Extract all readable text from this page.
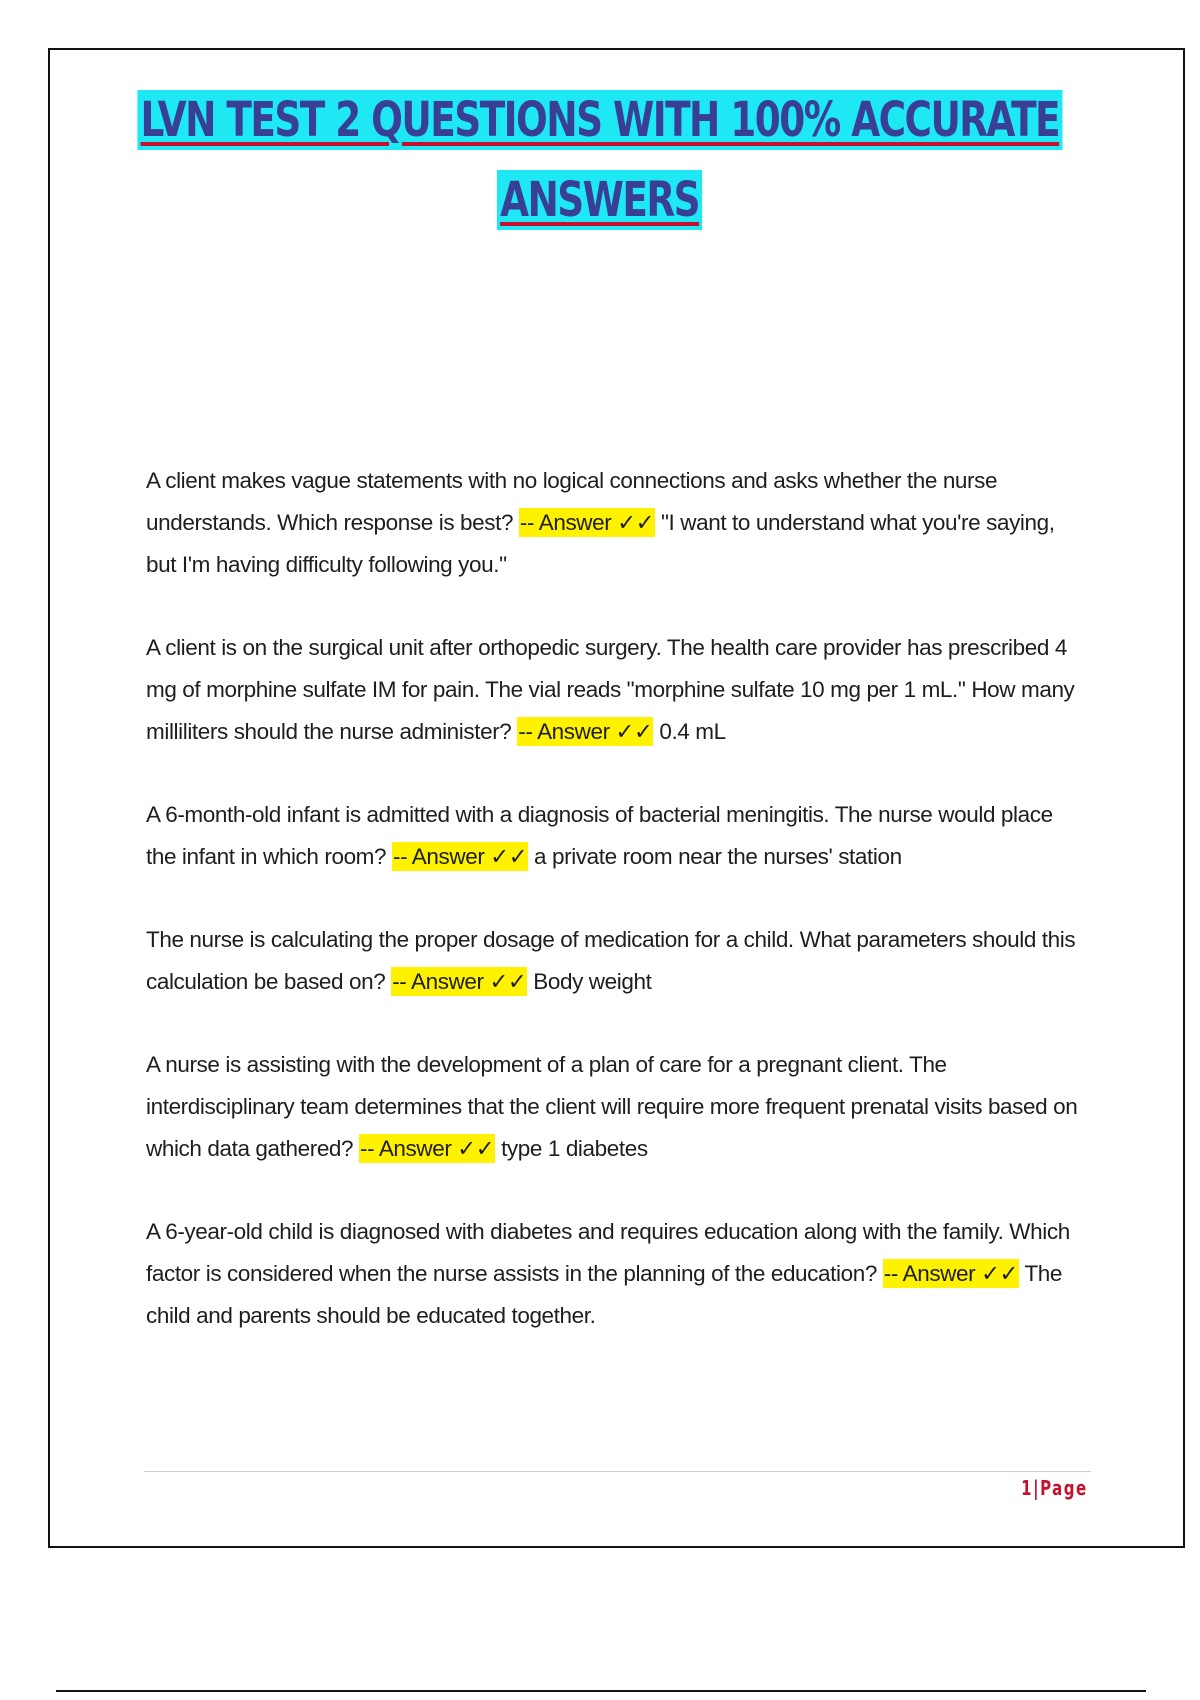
LVN TEST 2 QUESTIONS WITH 100% ACCURATE
ANSWERS

A client makes vague statements with no logical connections and asks whether the nurse understands. Which response is best? -- Answer ✓✓ "I want to understand what you're saying, but I'm having difficulty following you."

A client is on the surgical unit after orthopedic surgery. The health care provider has prescribed 4 mg of morphine sulfate IM for pain. The vial reads "morphine sulfate 10 mg per 1 mL." How many milliliters should the nurse administer? -- Answer ✓✓ 0.4 mL

A 6-month-old infant is admitted with a diagnosis of bacterial meningitis. The nurse would place the infant in which room? -- Answer ✓✓ a private room near the nurses' station

The nurse is calculating the proper dosage of medication for a child. What parameters should this calculation be based on? -- Answer ✓✓ Body weight

A nurse is assisting with the development of a plan of care for a pregnant client. The interdisciplinary team determines that the client will require more frequent prenatal visits based on which data gathered? -- Answer ✓✓ type 1 diabetes

A 6-year-old child is diagnosed with diabetes and requires education along with the family. Which factor is considered when the nurse assists in the planning of the education? -- Answer ✓✓ The child and parents should be educated together.

1|Page
